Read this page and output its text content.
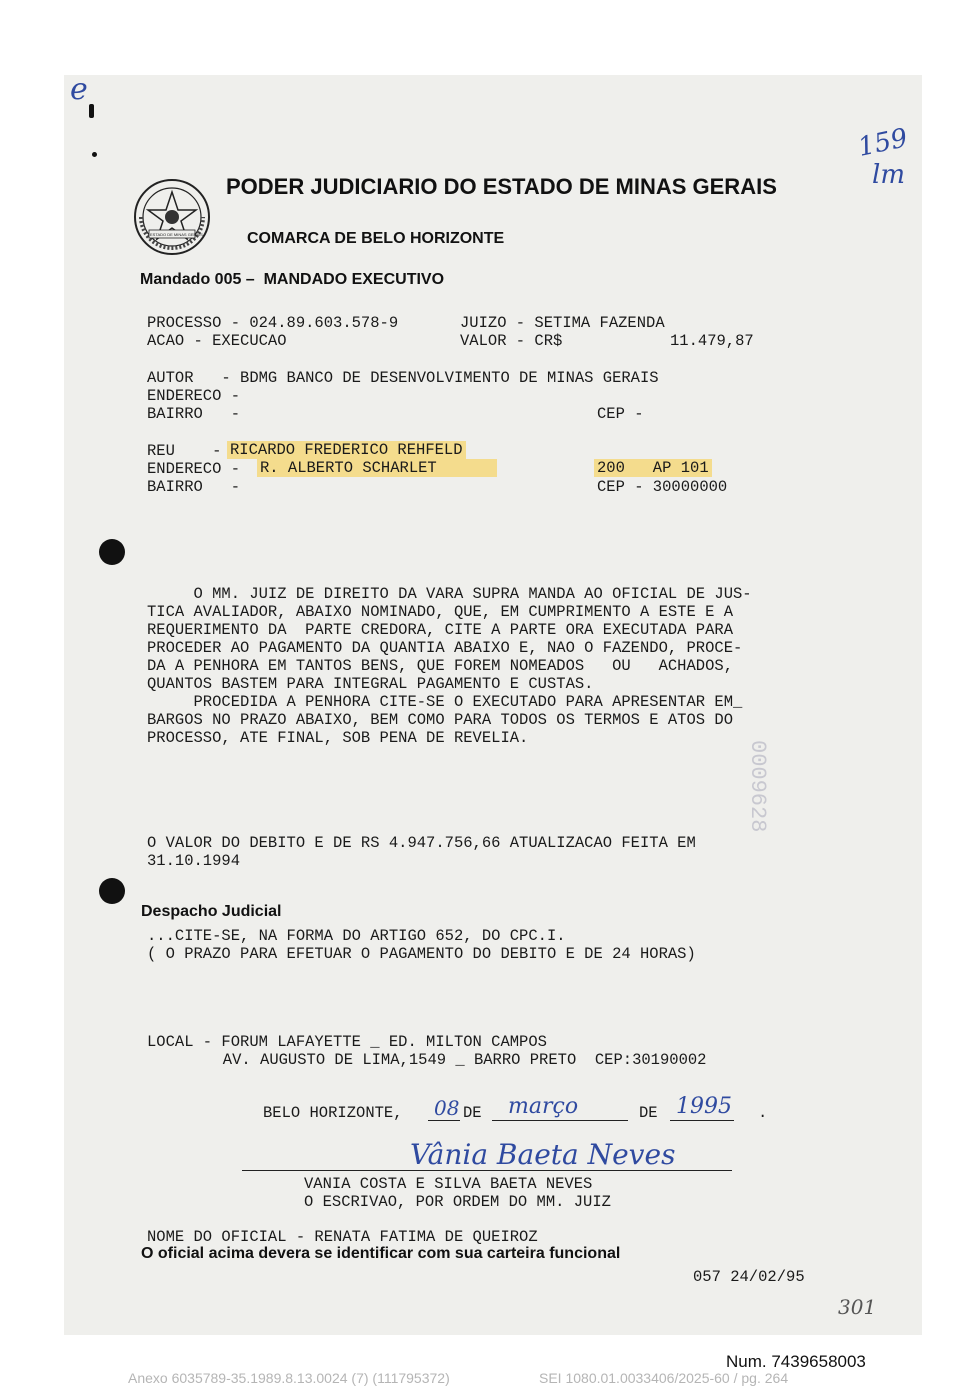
e
159
lm
ESTADO DE MINAS GERAIS
PODER JUDICIARIO DO ESTADO DE MINAS GERAIS
COMARCA DE BELO HORIZONTE
Mandado 005 –  MANDADO EXECUTIVO
PROCESSO - 024.89.603.578-9	JUIZO - SETIMA FAZENDA
ACAO - EXECUCAO	VALOR - CR$	11.479,87
AUTOR   - BDMG BANCO DE DESENVOLVIMENTO DE MINAS GERAIS
ENDERECO -
BAIRRO   -	CEP -
REU    - RICARDO FREDERICO REHFELD
ENDERECO - R. ALBERTO SCHARLET	200   AP 101
BAIRRO   -	CEP - 30000000
O MM. JUIZ DE DIREITO DA VARA SUPRA MANDA AO OFICIAL DE JUS-
TICA AVALIADOR, ABAIXO NOMINADO, QUE, EM CUMPRIMENTO A ESTE E A
REQUERIMENTO DA  PARTE CREDORA, CITE A PARTE ORA EXECUTADA PARA
PROCEDER AO PAGAMENTO DA QUANTIA ABAIXO E, NAO O FAZENDO, PROCE-
DA A PENHORA EM TANTOS BENS, QUE FOREM NOMEADOS   OU   ACHADOS,
QUANTOS BASTEM PARA INTEGRAL PAGAMENTO E CUSTAS.
PROCEDIDA A PENHORA CITE-SE O EXECUTADO PARA APRESENTAR EM_
BARGOS NO PRAZO ABAIXO, BEM COMO PARA TODOS OS TERMOS E ATOS DO
PROCESSO, ATE FINAL, SOB PENA DE REVELIA.
0009628
O VALOR DO DEBITO E DE RS 4.947.756,66 ATUALIZACAO FEITA EM
31.10.1994
Despacho Judicial
...CITE-SE, NA FORMA DO ARTIGO 652, DO CPC.I.
( O PRAZO PARA EFETUAR O PAGAMENTO DO DEBITO E DE 24 HORAS)
LOCAL - FORUM LAFAYETTE _ ED. MILTON CAMPOS
AV. AUGUSTO DE LIMA,1549 _ BARRO PRETO  CEP:30190002
BELO HORIZONTE, 08 DE março	DE 1995 .
Vânia Baeta Neves
VANIA COSTA E SILVA BAETA NEVES
O ESCRIVAO, POR ORDEM DO MM. JUIZ
NOME DO OFICIAL - RENATA FATIMA DE QUEIROZ
O oficial acima devera se identificar com sua carteira funcional
057 24/02/95
301
Num. 7439658003
Anexo 6035789-35.1989.8.13.0024 (7) (111795372)	SEI 1080.01.0033406/2025-60 / pg. 264
